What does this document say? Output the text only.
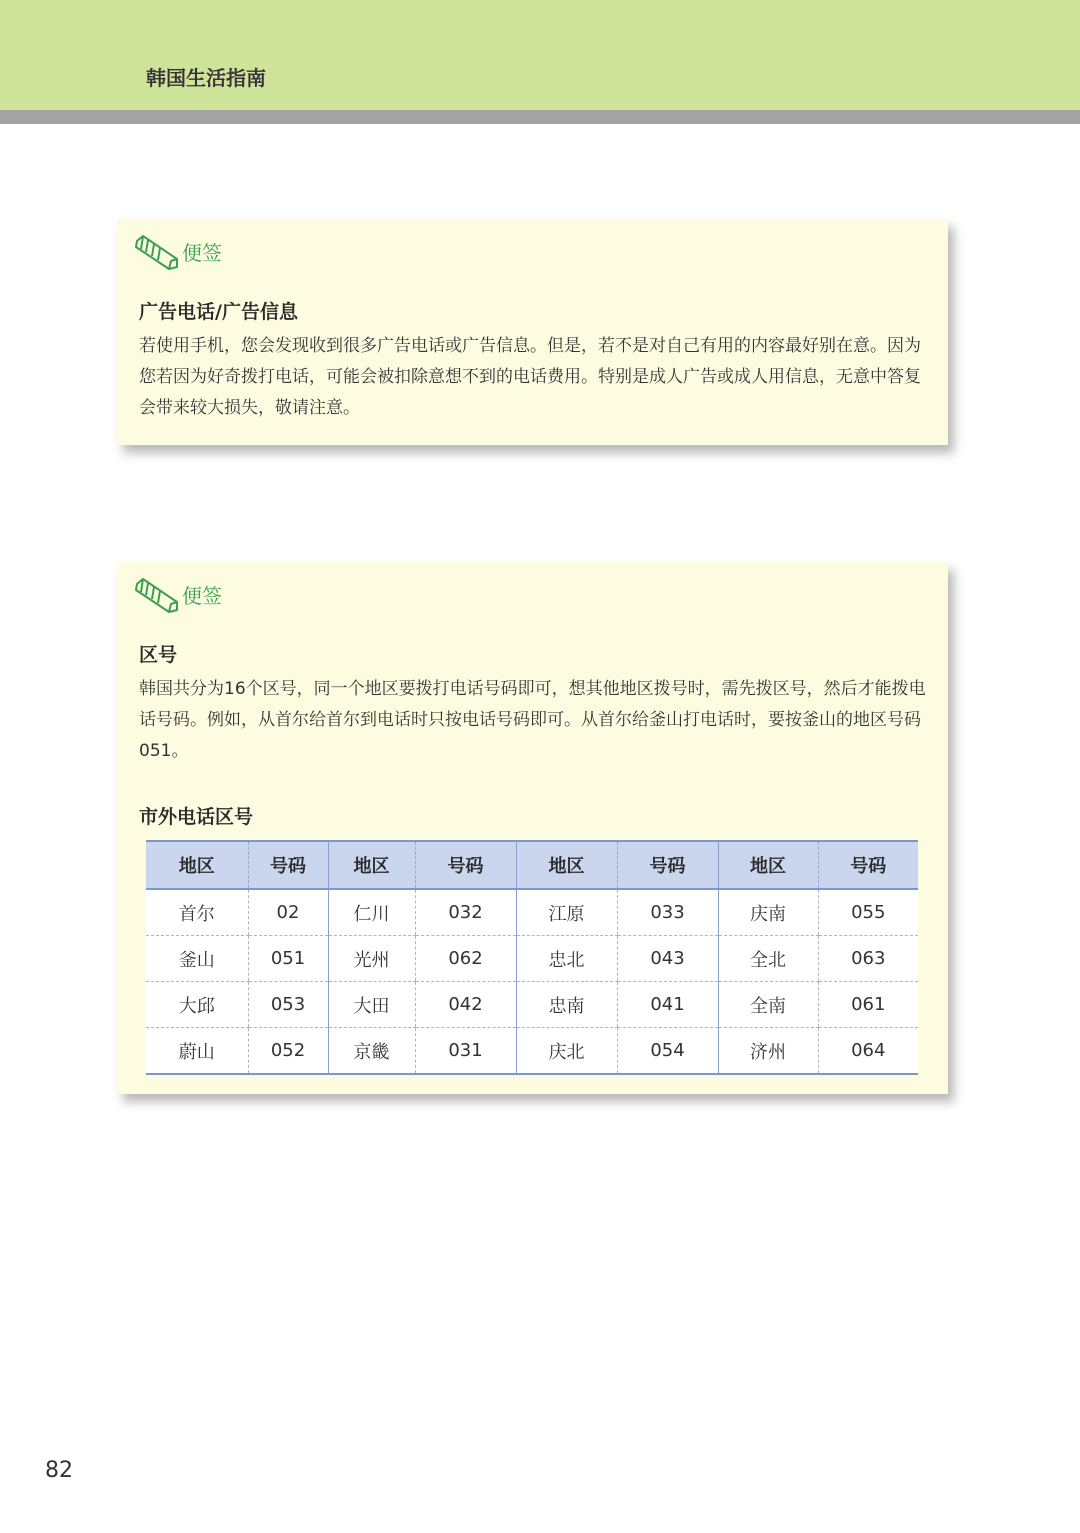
韩国生活指南
便签
广告电话/广告信息
若使用手机，您会发现收到很多广告电话或广告信息。但是，若不是对自己有用的内容最好别在意。因为您若因为好奇拨打电话，可能会被扣除意想不到的电话费用。特别是成人广告或成人用信息，无意中答复会带来较大损失，敬请注意。
便签
区号
韩国共分为16个区号，同一个地区要拨打电话号码即可，想其他地区拨号时，需先拨区号，然后才能拨电话号码。例如，从首尔给首尔到电话时只按电话号码即可。从首尔给釜山打电话时，要按釜山的地区号码051。
市外电话区号
地区	号码	地区	号码	地区	号码	地区	号码
首尔	02	仁川	032	江原	033	庆南	055
釜山	051	光州	062	忠北	043	全北	063
大邱	053	大田	042	忠南	041	全南	061
蔚山	052	京畿	031	庆北	054	济州	064
82
